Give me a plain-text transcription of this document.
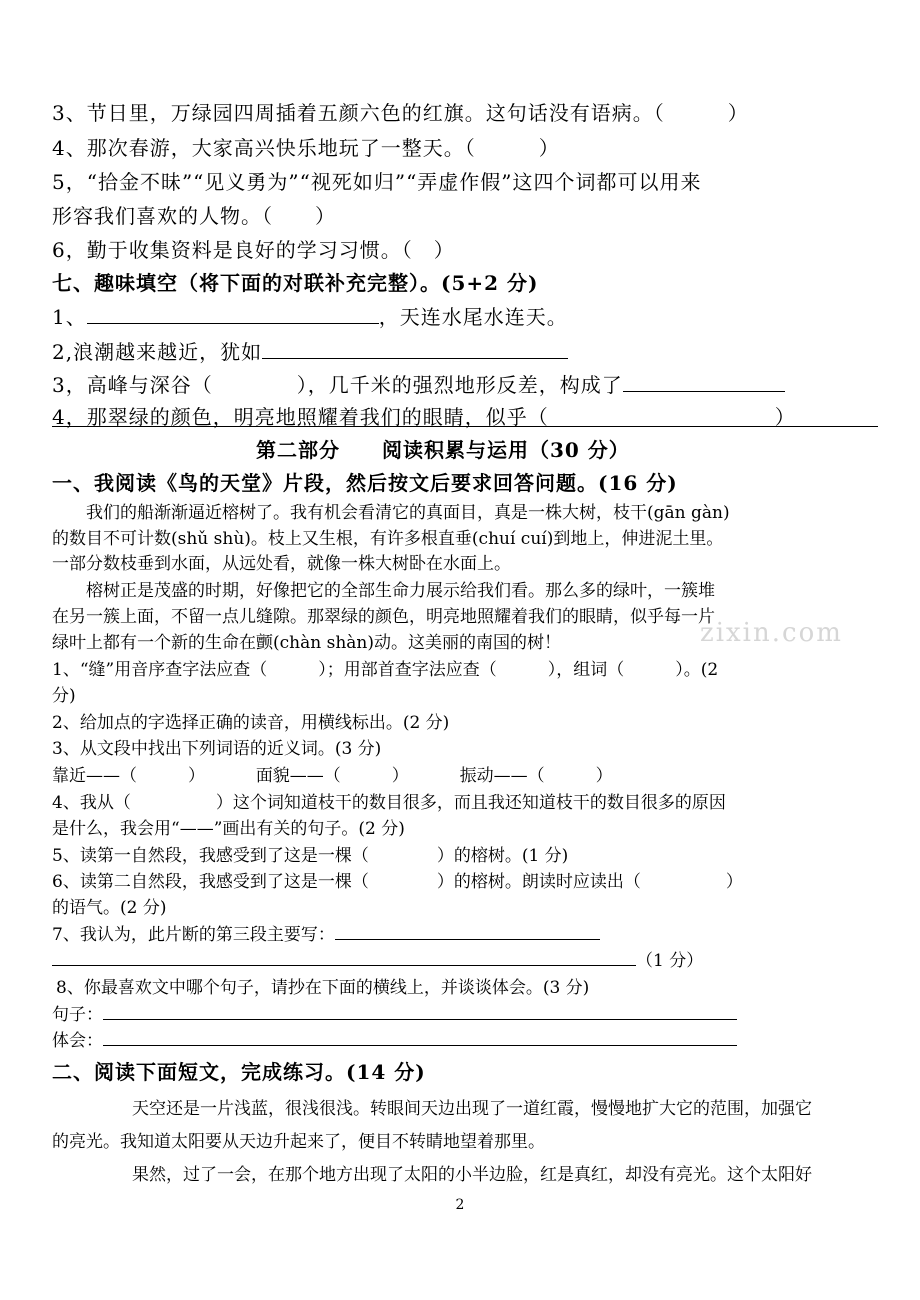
3、节日里，万绿园四周插着五颜六色的红旗。这句话没有语病。（　　　）
4、那次春游，大家高兴快乐地玩了一整天。（　　　）
5，“拾金不昧”“见义勇为”“视死如归”“弄虚作假”这四个词都可以用来
形容我们喜欢的人物。（　　）
6，勤于收集资料是良好的学习习惯。（　）
七、趣味填空（将下面的对联补充完整）。(5+2 分)
1、	，天连水尾水连天。
2,浪潮越来越近，犹如
3，高峰与深谷（　　　　），几千米的强烈地形反差，构成了
4，那翠绿的颜色，明亮地照耀着我们的眼睛，似乎（	）
第二部分　　阅读积累与运用（30 分）
一、我阅读《鸟的天堂》片段，然后按文后要求回答问题。(16 分)
　　我们的船渐渐逼近榕树了。我有机会看清它的真面目，真是一株大树，枝干(gān gàn)
的数目不可计数(shǔ shù)。枝上又生根，有许多根直垂(chuí cuí)到地上，伸进泥土里。
一部分数枝垂到水面，从远处看，就像一株大树卧在水面上。
　　榕树正是茂盛的时期，好像把它的全部生命力展示给我们看。那么多的绿叶，一簇堆
在另一簇上面，不留一点儿缝隙。那翠绿的颜色，明亮地照耀着我们的眼睛，似乎每一片
绿叶上都有一个新的生命在颤(chàn shàn)动。这美丽的南国的树！	zixin.com
1、“缝”用音序查字法应查（　　　）；用部首查字法应查（　　　），组词（　　　）。(2
分)
2、给加点的字选择正确的读音，用横线标出。(2 分)
3、从文段中找出下列词语的近义词。(3 分)
靠近——（　　　）	面貌——（　　　）	振动——（　　　）
4、我从（　　　　　）这个词知道枝干的数目很多，而且我还知道枝干的数目很多的原因
是什么，我会用“——”画出有关的句子。(2 分)
5、读第一自然段，我感受到了这是一棵（　　　　）的榕树。(1 分)
6、读第二自然段，我感受到了这是一棵（　　　　）的榕树。朗读时应读出（　　　　　）
的语气。(2 分)
7、我认为，此片断的第三段主要写：
（1 分）
8、你最喜欢文中哪个句子，请抄在下面的横线上，并谈谈体会。(3 分)
句子：
体会：
二、阅读下面短文，完成练习。(14 分)
天空还是一片浅蓝，很浅很浅。转眼间天边出现了一道红霞，慢慢地扩大它的范围，加强它
的亮光。我知道太阳要从天边升起来了，便目不转睛地望着那里。
果然，过了一会，在那个地方出现了太阳的小半边脸，红是真红，却没有亮光。这个太阳好
2
